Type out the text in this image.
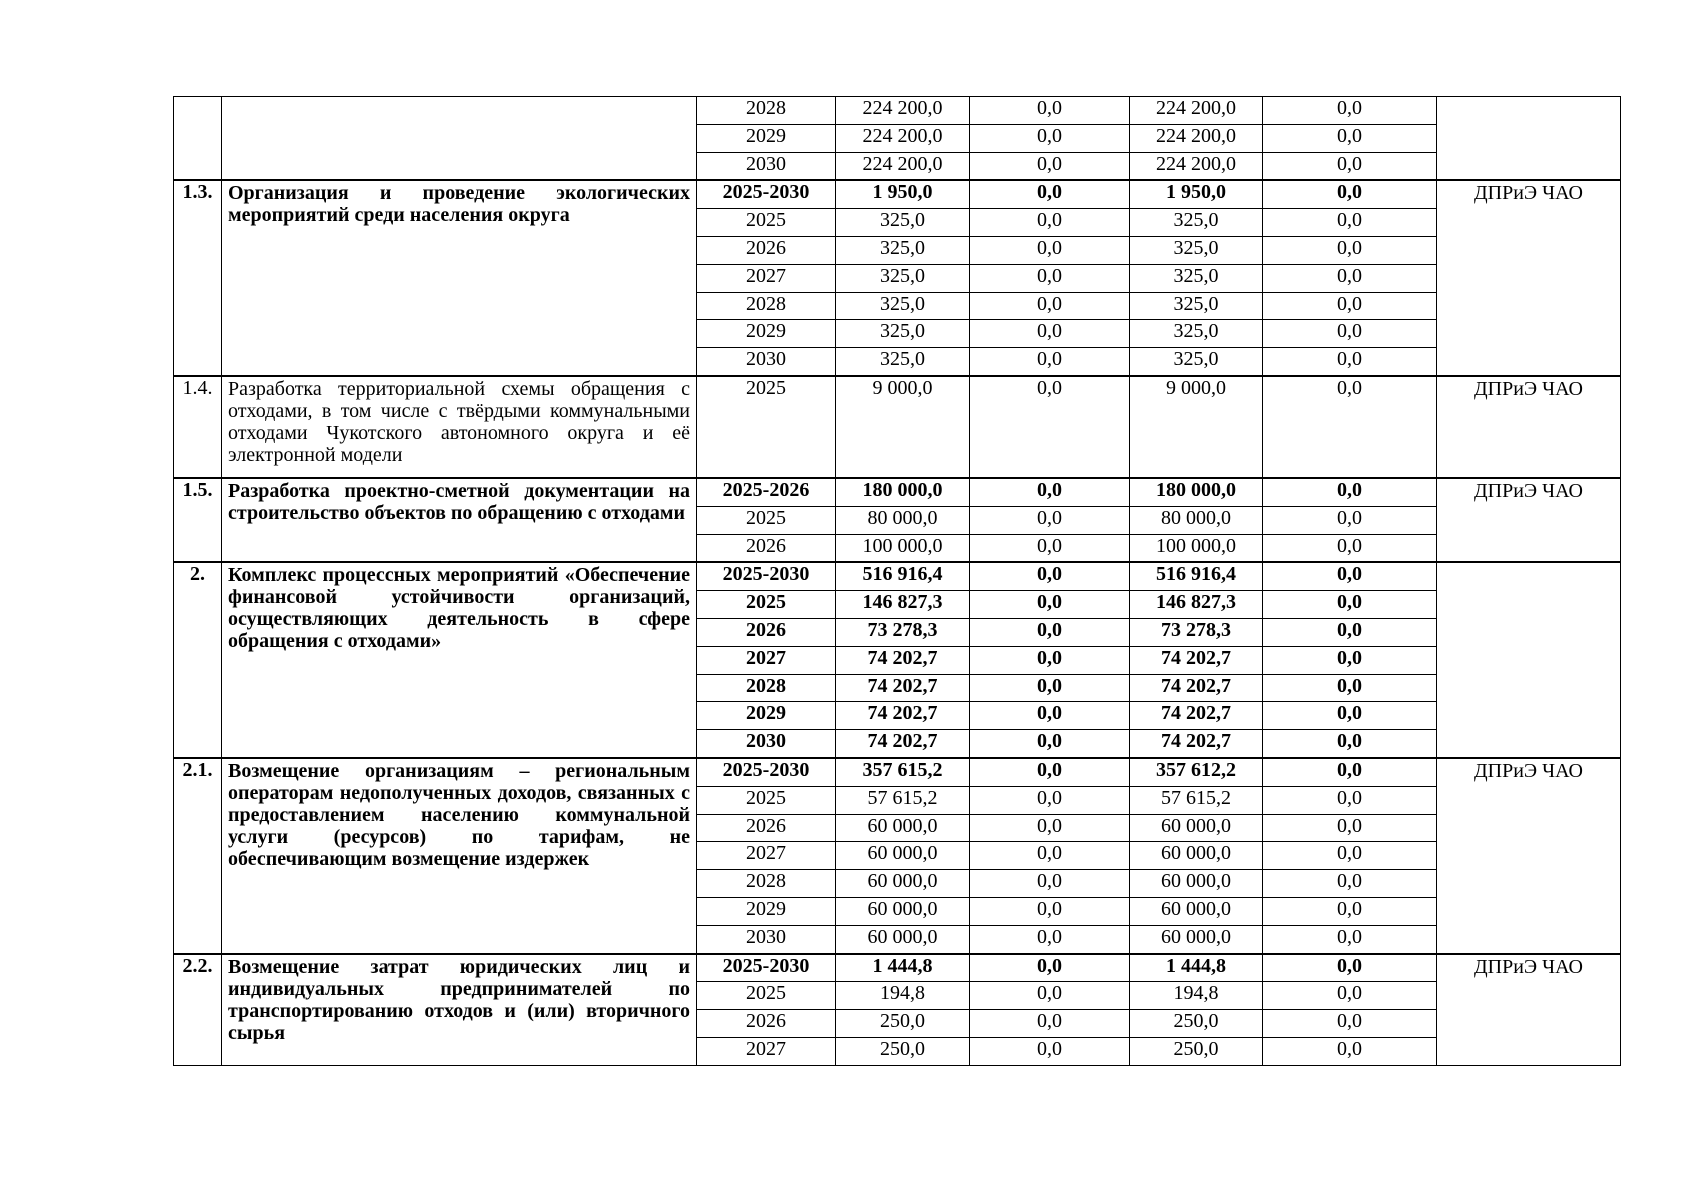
		2028	224 200,0	0,0	224 200,0	0,0	
		2029	224 200,0	0,0	224 200,0	0,0	
		2030	224 200,0	0,0	224 200,0	0,0	
1.3.	Организация и проведение экологических мероприятий среди населения округа	2025-2030	1 950,0	0,0	1 950,0	0,0	ДПРиЭ ЧАО
		2025	325,0	0,0	325,0	0,0	
		2026	325,0	0,0	325,0	0,0	
		2027	325,0	0,0	325,0	0,0	
		2028	325,0	0,0	325,0	0,0	
		2029	325,0	0,0	325,0	0,0	
		2030	325,0	0,0	325,0	0,0	
1.4.	Разработка территориальной схемы обращения с отходами, в том числе с твёрдыми коммунальными отходами Чукотского автономного округа и её электронной модели	2025	9 000,0	0,0	9 000,0	0,0	ДПРиЭ ЧАО
1.5.	Разработка проектно-сметной документации на строительство объектов по обращению с отходами	2025-2026	180 000,0	0,0	180 000,0	0,0	ДПРиЭ ЧАО
		2025	80 000,0	0,0	80 000,0	0,0	
		2026	100 000,0	0,0	100 000,0	0,0	
2.	Комплекс процессных мероприятий «Обеспечение финансовой устойчивости организаций, осуществляющих деятельность в сфере обращения с отходами»	2025-2030	516 916,4	0,0	516 916,4	0,0	
		2025	146 827,3	0,0	146 827,3	0,0	
		2026	73 278,3	0,0	73 278,3	0,0	
		2027	74 202,7	0,0	74 202,7	0,0	
		2028	74 202,7	0,0	74 202,7	0,0	
		2029	74 202,7	0,0	74 202,7	0,0	
		2030	74 202,7	0,0	74 202,7	0,0	
2.1.	Возмещение организациям – региональным операторам недополученных доходов, связанных с предоставлением населению коммунальной услуги (ресурсов) по тарифам, не обеспечивающим возмещение издержек	2025-2030	357 615,2	0,0	357 612,2	0,0	ДПРиЭ ЧАО
		2025	57 615,2	0,0	57 615,2	0,0	
		2026	60 000,0	0,0	60 000,0	0,0	
		2027	60 000,0	0,0	60 000,0	0,0	
		2028	60 000,0	0,0	60 000,0	0,0	
		2029	60 000,0	0,0	60 000,0	0,0	
		2030	60 000,0	0,0	60 000,0	0,0	
2.2.	Возмещение затрат юридических лиц и индивидуальных предпринимателей по транспортированию отходов и (или) вторичного сырья	2025-2030	1 444,8	0,0	1 444,8	0,0	ДПРиЭ ЧАО
		2025	194,8	0,0	194,8	0,0	
		2026	250,0	0,0	250,0	0,0	
		2027	250,0	0,0	250,0	0,0	
